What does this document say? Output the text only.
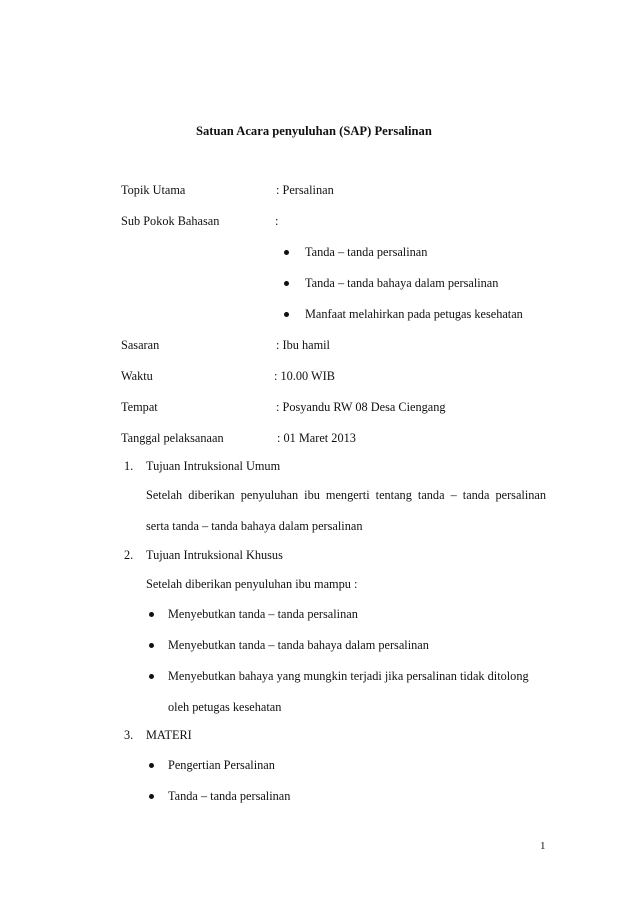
Satuan Acara penyuluhan (SAP) Persalinan
Topik Utama	: Persalinan
Sub Pokok Bahasan	:
Tanda – tanda persalinan
Tanda – tanda bahaya dalam persalinan
Manfaat melahirkan pada petugas kesehatan
Sasaran	: Ibu hamil
Waktu	: 10.00 WIB
Tempat	: Posyandu RW 08 Desa Ciengang
Tanggal pelaksanaan	: 01 Maret 2013
1. Tujuan Intruksional Umum
Setelah diberikan penyuluhan ibu mengerti tentang tanda – tanda persalinan
serta tanda – tanda bahaya dalam persalinan
2. Tujuan Intruksional Khusus
Setelah diberikan penyuluhan ibu mampu :
Menyebutkan tanda – tanda persalinan
Menyebutkan tanda – tanda bahaya dalam persalinan
Menyebutkan bahaya yang mungkin terjadi jika persalinan tidak ditolong
oleh petugas kesehatan
3. MATERI
Pengertian Persalinan
Tanda – tanda persalinan
1
